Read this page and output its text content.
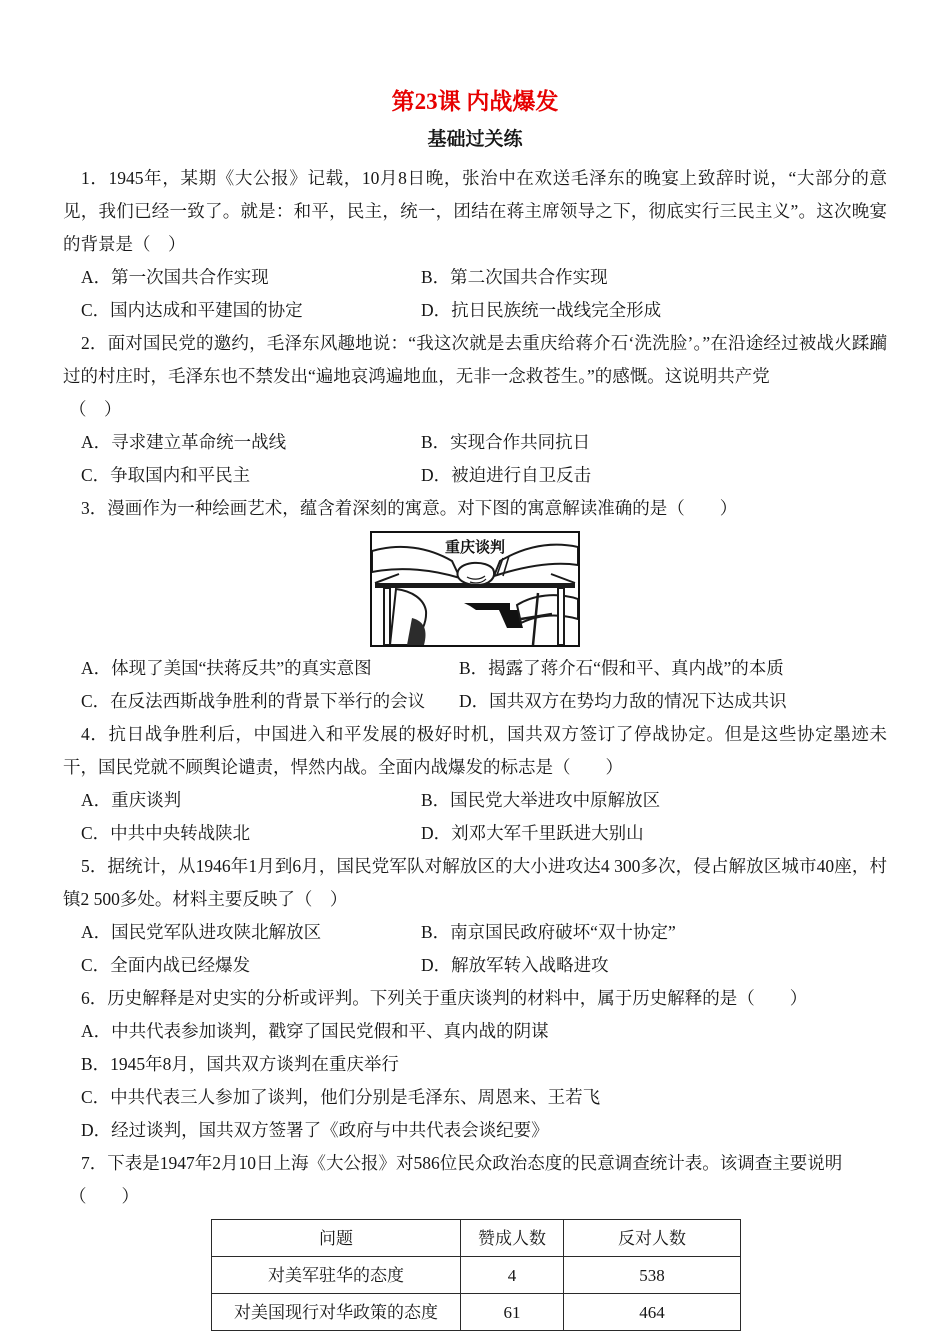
第23课 内战爆发
基础过关练

1．1945年，某期《大公报》记载，10月8日晚，张治中在欢送毛泽东的晚宴上致辞时说，“大部分的意见，我们已经一致了。就是：和平，民主，统一，团结在蒋主席领导之下，彻底实行三民主义”。这次晚宴的背景是（　）

A．第一次国共合作实现	B．第二次国共合作实现
C．国内达成和平建国的协定	D．抗日民族统一战线完全形成

2．面对国民党的邀约，毛泽东风趣地说：“我这次就是去重庆给蒋介石‘洗洗脸’。”在沿途经过被战火蹂躏过的村庄时，毛泽东也不禁发出“遍地哀鸿遍地血，无非一念救苍生。”的感慨。这说明共产党

（　）

A．寻求建立革命统一战线	B．实现合作共同抗日
C．争取国内和平民主	D．被迫进行自卫反击

3．漫画作为一种绘画艺术，蕴含着深刻的寓意。对下图的寓意解读准确的是（　　）

重庆谈判
A．体现了美国“扶蒋反共”的真实意图	B．揭露了蒋介石“假和平、真内战”的本质
C．在反法西斯战争胜利的背景下举行的会议	D．国共双方在势均力敌的情况下达成共识

4．抗日战争胜利后，中国进入和平发展的极好时机，国共双方签订了停战协定。但是这些协定墨迹未干，国民党就不顾舆论谴责，悍然内战。全面内战爆发的标志是（　　）

A．重庆谈判	B．国民党大举进攻中原解放区
C．中共中央转战陕北	D．刘邓大军千里跃进大别山

5．据统计，从1946年1月到6月，国民党军队对解放区的大小进攻达4 300多次，侵占解放区城市40座，村镇2 500多处。材料主要反映了（　）

A．国民党军队进攻陕北解放区	B．南京国民政府破坏“双十协定”
C．全面内战已经爆发	D．解放军转入战略进攻

6．历史解释是对史实的分析或评判。下列关于重庆谈判的材料中，属于历史解释的是（　　）

A．中共代表参加谈判，戳穿了国民党假和平、真内战的阴谋
B．1945年8月，国共双方谈判在重庆举行
C．中共代表三人参加了谈判，他们分别是毛泽东、周恩来、王若飞
D．经过谈判，国共双方签署了《政府与中共代表会谈纪要》

7．下表是1947年2月10日上海《大公报》对586位民众政治态度的民意调查统计表。该调查主要说明

（　　）

问题	赞成人数	反对人数
对美军驻华的态度	4	538
对美国现行对华政策的态度	61	464
